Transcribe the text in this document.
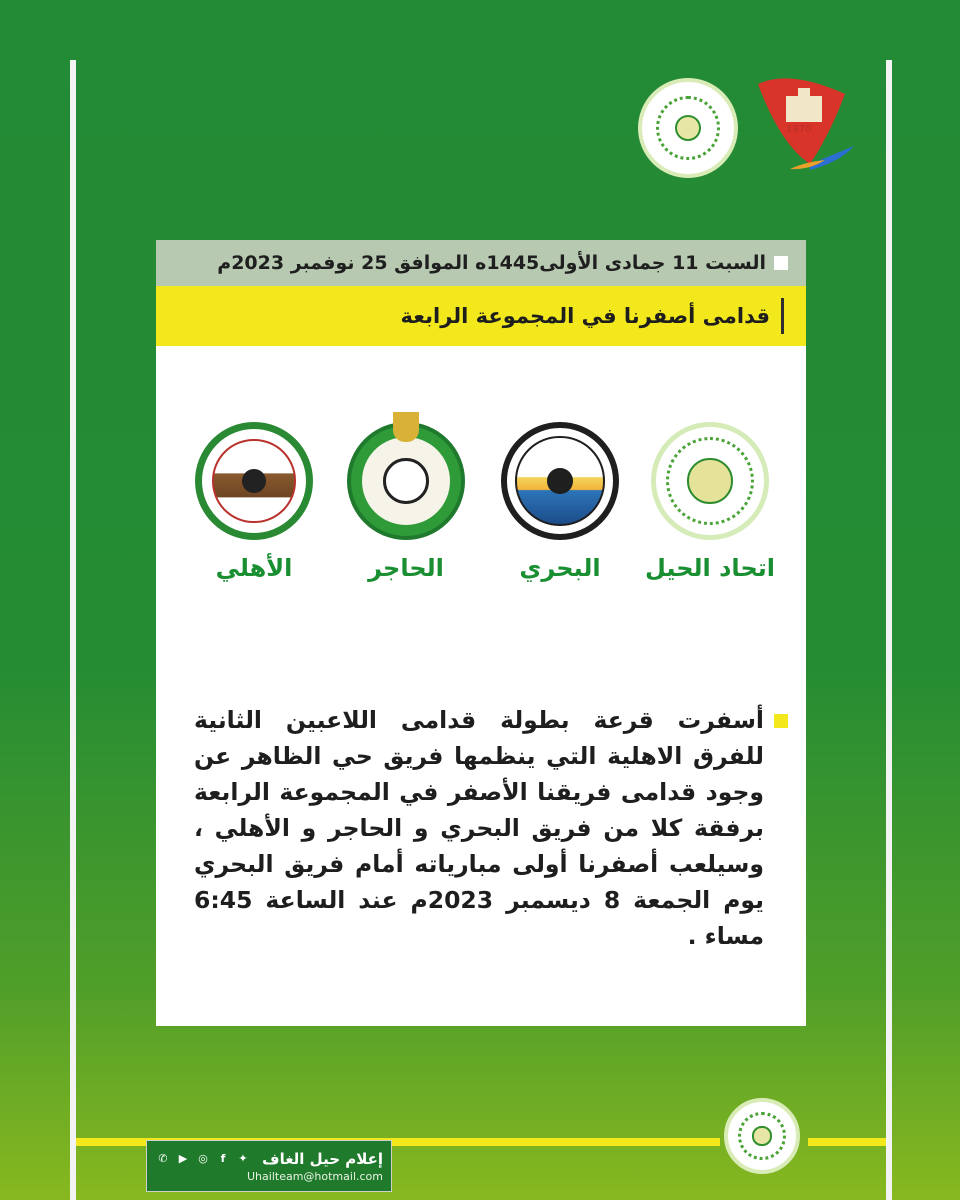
1970
السبت 11 جمادى الأولى1445ه الموافق 25 نوفمبر 2023م
قدامى أصفرنا في المجموعة الرابعة
اتحاد الحيل
البحري
الحاجر
الأهلي

أسفرت قرعة بطولة قدامى اللاعبين الثانية للفرق الاهلية التي ينظمها فريق حي الظاهر عن وجود قدامى فريقنا الأصفر في المجموعة الرابعة برفقة كلا من فريق البحري و الحاجر و الأهلي ، وسيلعب أصفرنا أولى مبارياته أمام فريق البحري يوم الجمعة 8 ديسمبر 2023م عند الساعة 6:45 مساء .

✆	▶ ◎	f	✦ إعلام حيل الغاف
Uhailteam@hotmail.com
